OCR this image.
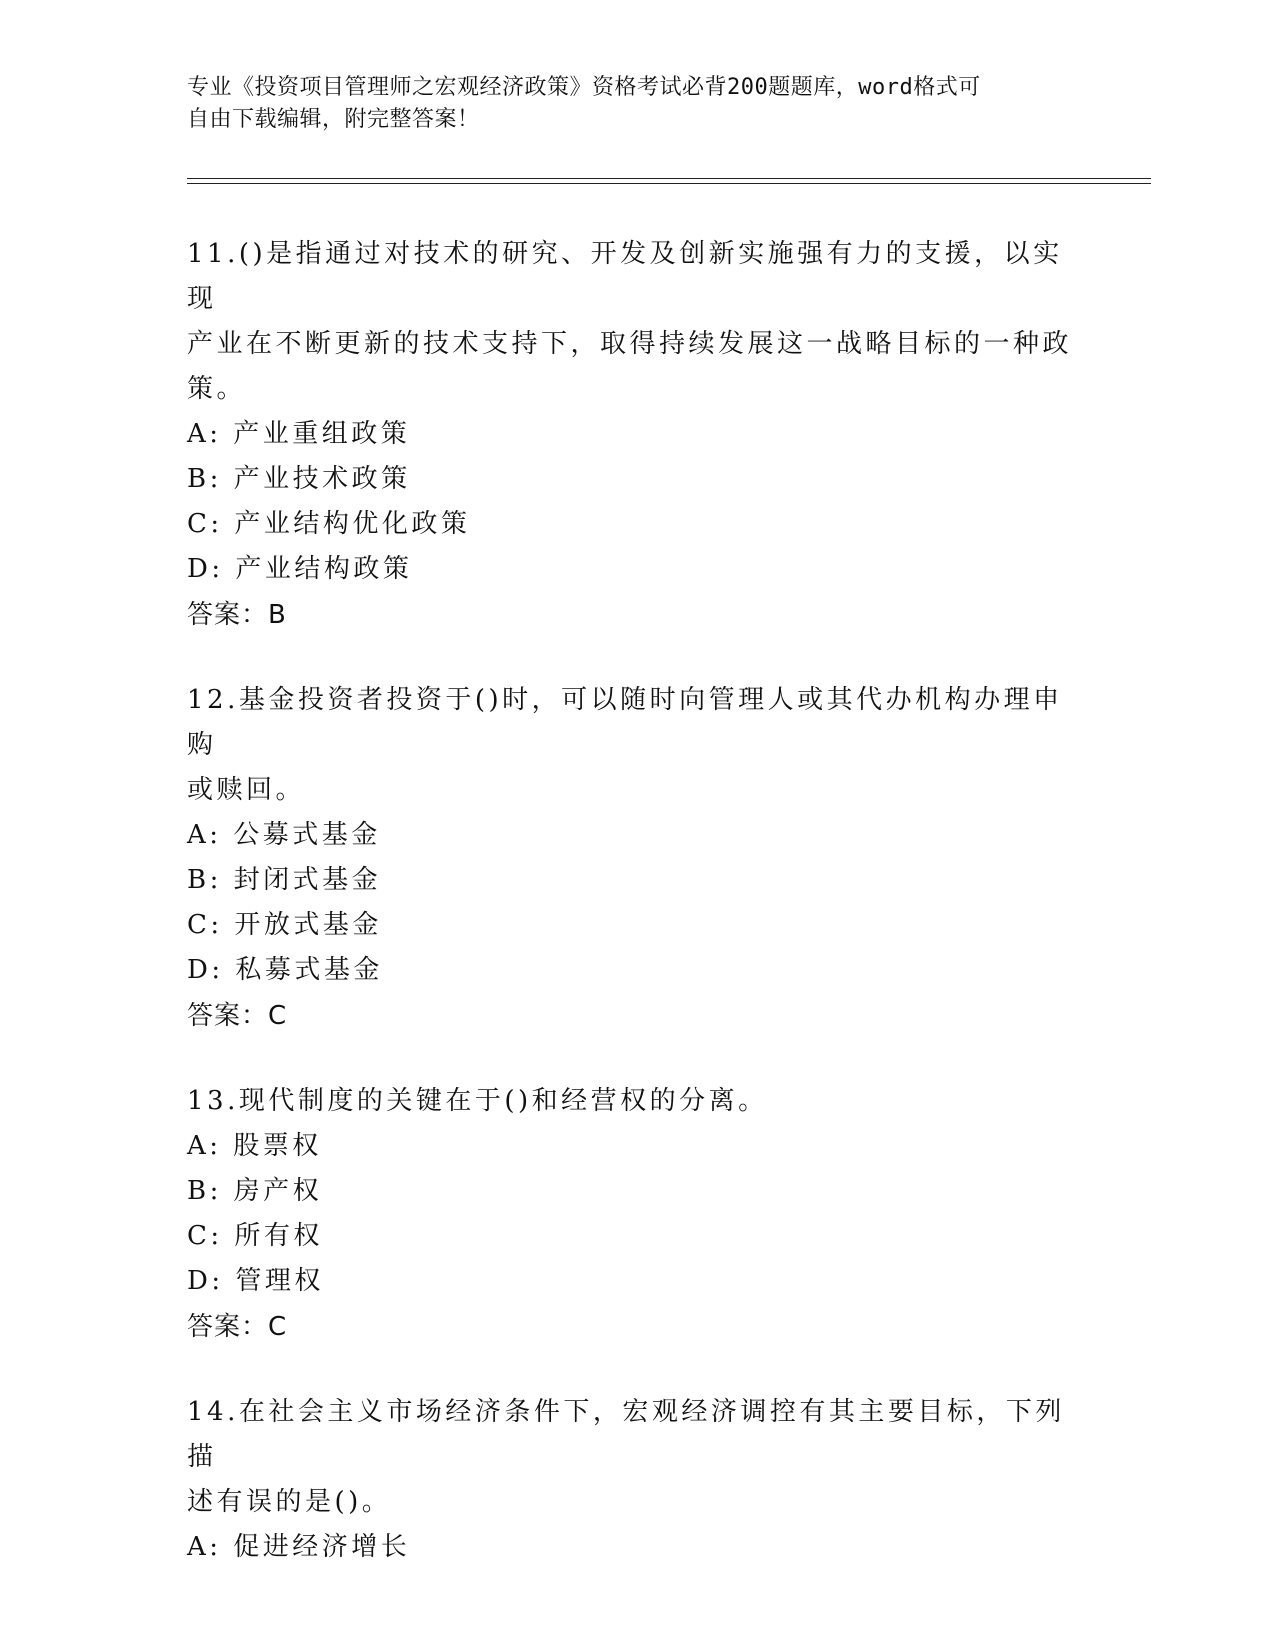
专业《投资项目管理师之宏观经济政策》资格考试必背200题题库，word格式可
自由下载编辑，附完整答案！
11.()是指通过对技术的研究、开发及创新实施强有力的支援，以实现
产业在不断更新的技术支持下，取得持续发展这一战略目标的一种政
策。
A: 产业重组政策
B: 产业技术政策
C: 产业结构优化政策
D: 产业结构政策
答案：B
12.基金投资者投资于()时，可以随时向管理人或其代办机构办理申购
或赎回。
A: 公募式基金
B: 封闭式基金
C: 开放式基金
D: 私募式基金
答案：C
13.现代制度的关键在于()和经营权的分离。
A: 股票权
B: 房产权
C: 所有权
D: 管理权
答案：C
14.在社会主义市场经济条件下，宏观经济调控有其主要目标，下列描
述有误的是()。
A: 促进经济增长
